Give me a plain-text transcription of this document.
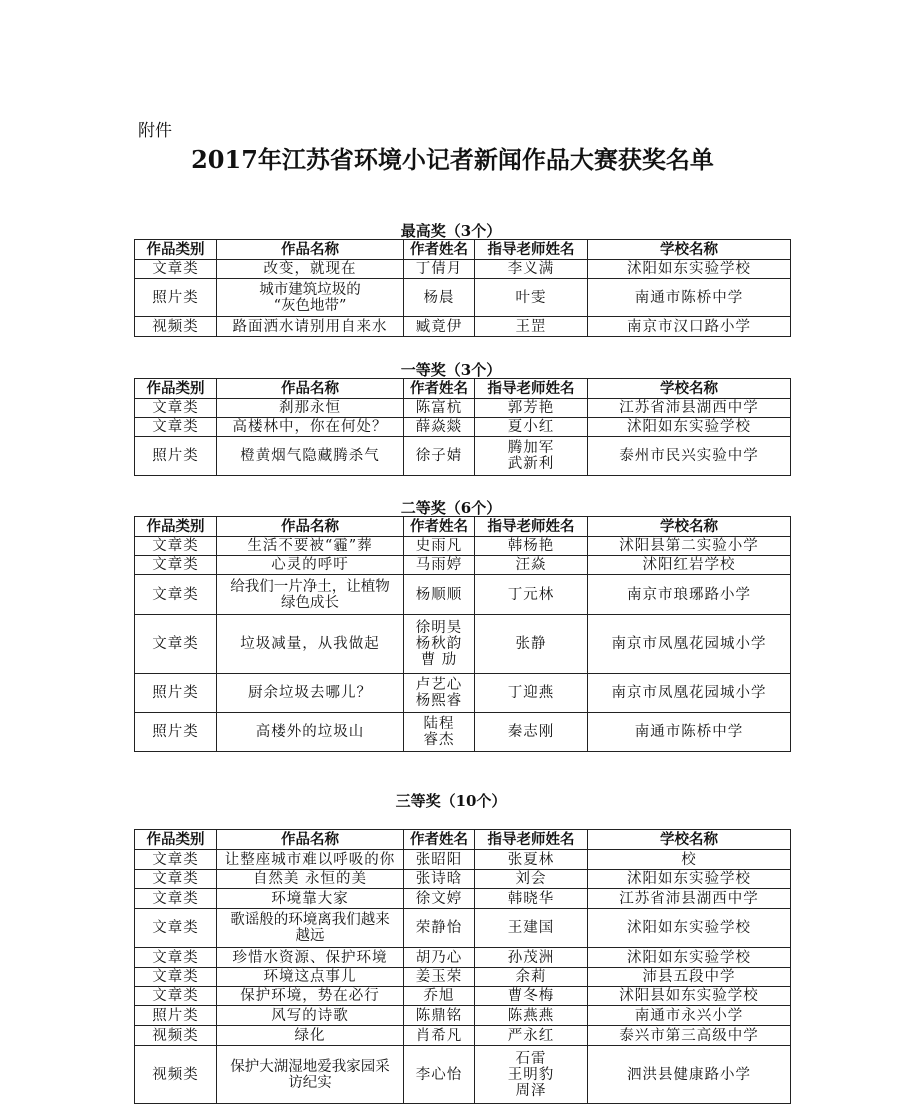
附件
2017年江苏省环境小记者新闻作品大赛获奖名单
最高奖（3个）
作品类别	作品名称	作者姓名	指导老师姓名	学校名称
文章类	改变，就现在	丁倩月	李义满	沭阳如东实验学校
照片类	城市建筑垃圾的
“灰色地带”	杨晨	叶雯	南通市陈桥中学
视频类	路面洒水请别用自来水	臧竟伊	王罡	南京市汉口路小学
一等奖（3个）
作品类别	作品名称	作者姓名	指导老师姓名	学校名称
文章类	刹那永恒	陈富杭	郭芳艳	江苏省沛县湖西中学
文章类	高楼林中，你在何处？	薛焱燚	夏小红	沭阳如东实验学校
照片类	橙黄烟气隐藏腾杀气	徐子婧	腾加军
武新利	泰州市民兴实验中学
二等奖（6个）
作品类别	作品名称	作者姓名	指导老师姓名	学校名称
文章类	生活不要被“霾”葬	史雨凡	韩杨艳	沭阳县第二实验小学
文章类	心灵的呼吁	马雨婷	汪焱	沭阳红岩学校
文章类	给我们一片净土，让植物
绿色成长	杨顺顺	丁元林	南京市琅琊路小学
文章类	垃圾减量，从我做起	徐明昊
杨秋韵
曹 劢	张静	南京市凤凰花园城小学
照片类	厨余垃圾去哪儿？	卢艺心
杨熙睿	丁迎燕	南京市凤凰花园城小学
照片类	高楼外的垃圾山	陆程
睿杰	秦志刚	南通市陈桥中学
三等奖（10个）
作品类别	作品名称	作者姓名	指导老师姓名	学校名称
文章类	让整座城市难以呼吸的你	张昭阳	张夏林	校
文章类	自然美 永恒的美	张诗晗	刘会	沭阳如东实验学校
文章类	环境靠大家	徐文婷	韩晓华	江苏省沛县湖西中学
文章类	歌谣般的环境离我们越来
越远	荣静怡	王建国	沭阳如东实验学校
文章类	珍惜水资源、保护环境	胡乃心	孙茂洲	沭阳如东实验学校
文章类	环境这点事儿	姜玉荣	余莉	沛县五段中学
文章类	保护环境，势在必行	乔旭	曹冬梅	沭阳县如东实验学校
照片类	风写的诗歌	陈鼎铭	陈燕燕	南通市永兴小学
视频类	绿化	肖希凡	严永红	泰兴市第三高级中学
视频类	保护大湖湿地爱我家园采
访纪实	李心怡	石雷
王明豹
周泽	泗洪县健康路小学
